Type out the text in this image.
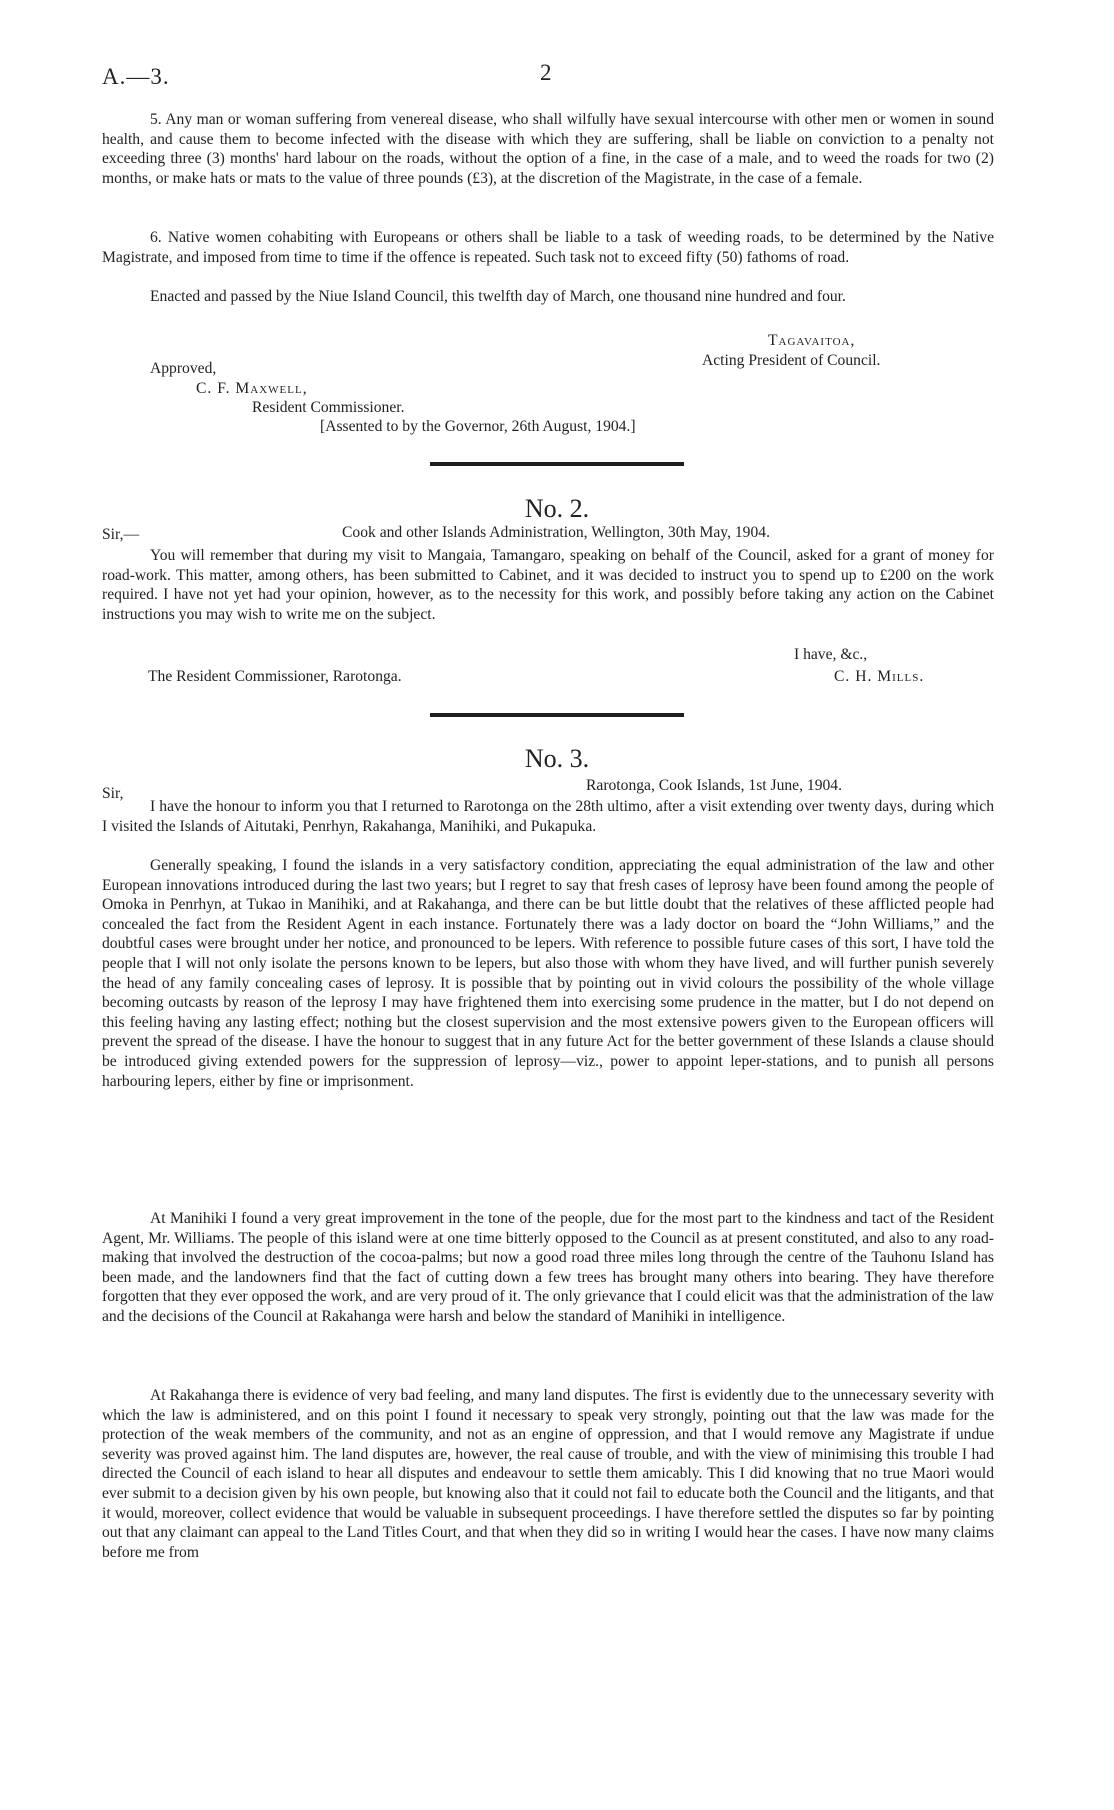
A.—3.	2

5. Any man or woman suffering from venereal disease, who shall wilfully have sexual intercourse with other men or women in sound health, and cause them to become infected with the disease with which they are suffering, shall be liable on conviction to a penalty not exceeding three (3) months' hard labour on the roads, without the option of a fine, in the case of a male, and to weed the roads for two (2) months, or make hats or mats to the value of three pounds (£3), at the discretion of the Magistrate, in the case of a female.

6. Native women cohabiting with Europeans or others shall be liable to a task of weeding roads, to be determined by the Native Magistrate, and imposed from time to time if the offence is repeated. Such task not to exceed fifty (50) fathoms of road.

Enacted and passed by the Niue Island Council, this twelfth day of March, one thousand nine hundred and four.

Tagavaitoa,
Acting President of Council.
Approved,
C. F. Maxwell,
Resident Commissioner.
[Assented to by the Governor, 26th August, 1904.]
No. 2.
Sir,—	Cook and other Islands Administration, Wellington, 30th May, 1904.

You will remember that during my visit to Mangaia, Tamangaro, speaking on behalf of the Council, asked for a grant of money for road-work. This matter, among others, has been submitted to Cabinet, and it was decided to instruct you to spend up to £200 on the work required. I have not yet had your opinion, however, as to the necessity for this work, and possibly before taking any action on the Cabinet instructions you may wish to write me on the subject.

I have, &c.,
The Resident Commissioner, Rarotonga.	C. H. Mills.
No. 3.
Sir,	Rarotonga, Cook Islands, 1st June, 1904.

I have the honour to inform you that I returned to Rarotonga on the 28th ultimo, after a visit extending over twenty days, during which I visited the Islands of Aitutaki, Penrhyn, Rakahanga, Manihiki, and Pukapuka.

Generally speaking, I found the islands in a very satisfactory condition, appreciating the equal administration of the law and other European innovations introduced during the last two years; but I regret to say that fresh cases of leprosy have been found among the people of Omoka in Penrhyn, at Tukao in Manihiki, and at Rakahanga, and there can be but little doubt that the relatives of these afflicted people had concealed the fact from the Resident Agent in each instance. Fortunately there was a lady doctor on board the “John Williams,” and the doubtful cases were brought under her notice, and pronounced to be lepers. With reference to possible future cases of this sort, I have told the people that I will not only isolate the persons known to be lepers, but also those with whom they have lived, and will further punish severely the head of any family concealing cases of leprosy. It is possible that by pointing out in vivid colours the possibility of the whole village becoming outcasts by reason of the leprosy I may have frightened them into exercising some prudence in the matter, but I do not depend on this feeling having any lasting effect; nothing but the closest supervision and the most extensive powers given to the European officers will prevent the spread of the disease. I have the honour to suggest that in any future Act for the better government of these Islands a clause should be introduced giving extended powers for the suppression of leprosy—viz., power to appoint leper-stations, and to punish all persons harbouring lepers, either by fine or imprisonment.

At Manihiki I found a very great improvement in the tone of the people, due for the most part to the kindness and tact of the Resident Agent, Mr. Williams. The people of this island were at one time bitterly opposed to the Council as at present constituted, and also to any road-making that involved the destruction of the cocoa-palms; but now a good road three miles long through the centre of the Tauhonu Island has been made, and the landowners find that the fact of cutting down a few trees has brought many others into bearing. They have therefore forgotten that they ever opposed the work, and are very proud of it. The only grievance that I could elicit was that the administration of the law and the decisions of the Council at Rakahanga were harsh and below the standard of Manihiki in intelligence.

At Rakahanga there is evidence of very bad feeling, and many land disputes. The first is evidently due to the unnecessary severity with which the law is administered, and on this point I found it necessary to speak very strongly, pointing out that the law was made for the protection of the weak members of the community, and not as an engine of oppression, and that I would remove any Magistrate if undue severity was proved against him. The land disputes are, however, the real cause of trouble, and with the view of minimising this trouble I had directed the Council of each island to hear all disputes and endeavour to settle them amicably. This I did knowing that no true Maori would ever submit to a decision given by his own people, but knowing also that it could not fail to educate both the Council and the litigants, and that it would, moreover, collect evidence that would be valuable in subsequent proceedings. I have therefore settled the disputes so far by pointing out that any claimant can appeal to the Land Titles Court, and that when they did so in writing I would hear the cases. I have now many claims before me from
